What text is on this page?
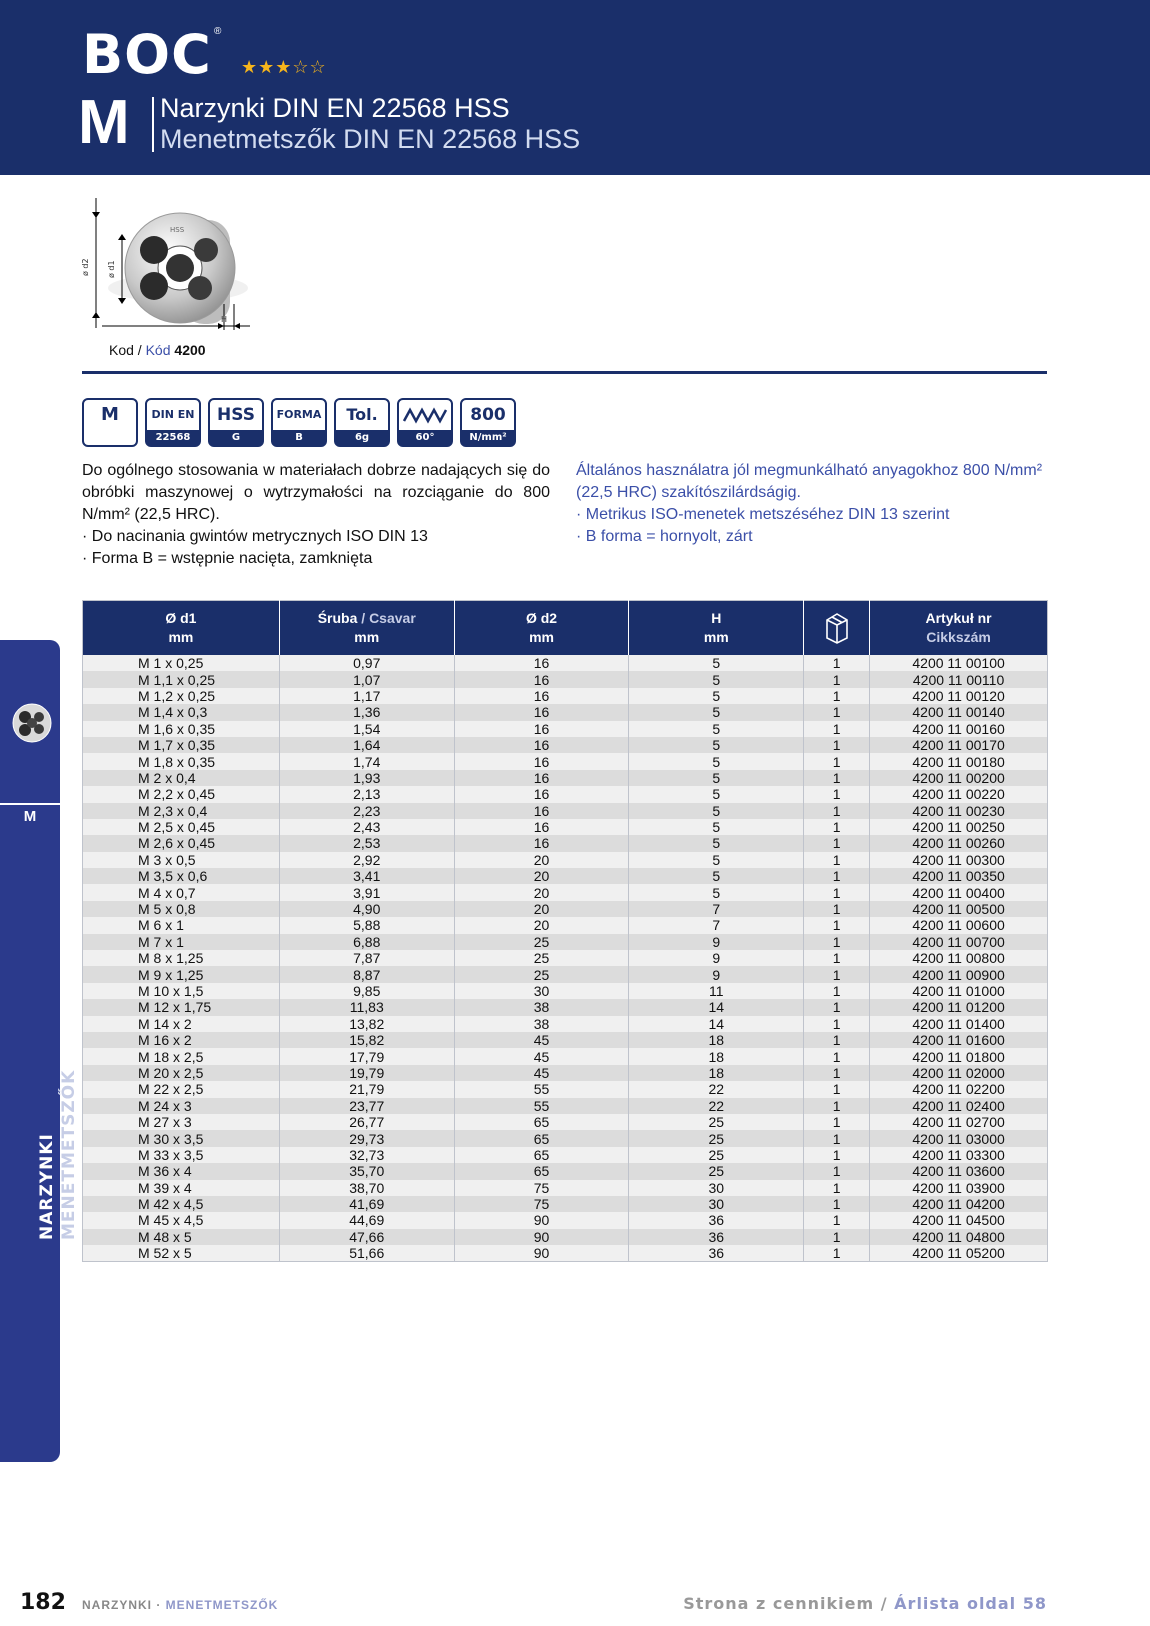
BOC ®
★★★☆☆
M Narzynki DIN EN 22568 HSS
Menetmetszők DIN EN 22568 HSS
HSS
ø d2 ø d1
H
Kod / Kód 4200
M	DIN EN
22568
HSS
G
FORMA
B
Tol.
6g	60°
800
N/mm²

Do ogólnego stosowania w materiałach dobrze nadających się do obróbki maszynowej o wytrzymałości na rozciąganie do 800 N/mm² (22,5 HRC).

· Do nacinania gwintów metrycznych ISO DIN 13

· Forma B = wstępnie nacięta, zamknięta

Általános használatra jól megmunkálható anyagokhoz 800 N/mm² (22,5 HRC) szakítószilárdságig.

· Metrikus ISO-menetek metszéséhez DIN 13 szerint

· B forma = hornyolt, zárt

Ø d1
mm	Śruba / Csavar
mm	Ø d2
mm	H
mm		Artykuł nr
Cikkszám
M 1 x 0,25	0,97	16	5	1	4200 11 00100
M 1,1 x 0,25	1,07	16	5	1	4200 11 00110
M 1,2 x 0,25	1,17	16	5	1	4200 11 00120
M 1,4 x 0,3	1,36	16	5	1	4200 11 00140
M 1,6 x 0,35	1,54	16	5	1	4200 11 00160
M 1,7 x 0,35	1,64	16	5	1	4200 11 00170
M 1,8 x 0,35	1,74	16	5	1	4200 11 00180
M 2 x 0,4	1,93	16	5	1	4200 11 00200
M 2,2 x 0,45	2,13	16	5	1	4200 11 00220
M 2,3 x 0,4	2,23	16	5	1	4200 11 00230
M 2,5 x 0,45	2,43	16	5	1	4200 11 00250
M 2,6 x 0,45	2,53	16	5	1	4200 11 00260
M 3 x 0,5	2,92	20	5	1	4200 11 00300
M 3,5 x 0,6	3,41	20	5	1	4200 11 00350
M 4 x 0,7	3,91	20	5	1	4200 11 00400
M 5 x 0,8	4,90	20	7	1	4200 11 00500
M 6 x 1	5,88	20	7	1	4200 11 00600
M 7 x 1	6,88	25	9	1	4200 11 00700
M 8 x 1,25	7,87	25	9	1	4200 11 00800
M 9 x 1,25	8,87	25	9	1	4200 11 00900
M 10 x 1,5	9,85	30	11	1	4200 11 01000
M 12 x 1,75	11,83	38	14	1	4200 11 01200
M 14 x 2	13,82	38	14	1	4200 11 01400
M 16 x 2	15,82	45	18	1	4200 11 01600
M 18 x 2,5	17,79	45	18	1	4200 11 01800
M 20 x 2,5	19,79	45	18	1	4200 11 02000
M 22 x 2,5	21,79	55	22	1	4200 11 02200
M 24 x 3	23,77	55	22	1	4200 11 02400
M 27 x 3	26,77	65	25	1	4200 11 02700
M 30 x 3,5	29,73	65	25	1	4200 11 03000
M 33 x 3,5	32,73	65	25	1	4200 11 03300
M 36 x 4	35,70	65	25	1	4200 11 03600
M 39 x 4	38,70	75	30	1	4200 11 03900
M 42 x 4,5	41,69	75	30	1	4200 11 04200
M 45 x 4,5	44,69	90	36	1	4200 11 04500
M 48 x 5	47,66	90	36	1	4200 11 04800
M 52 x 5	51,66	90	36	1	4200 11 05200
M
NARZYNKI MENETMETSZŐK
182 NARZYNKI · MENETMETSZŐK	Strona z cennikiem / Árlista oldal 58
